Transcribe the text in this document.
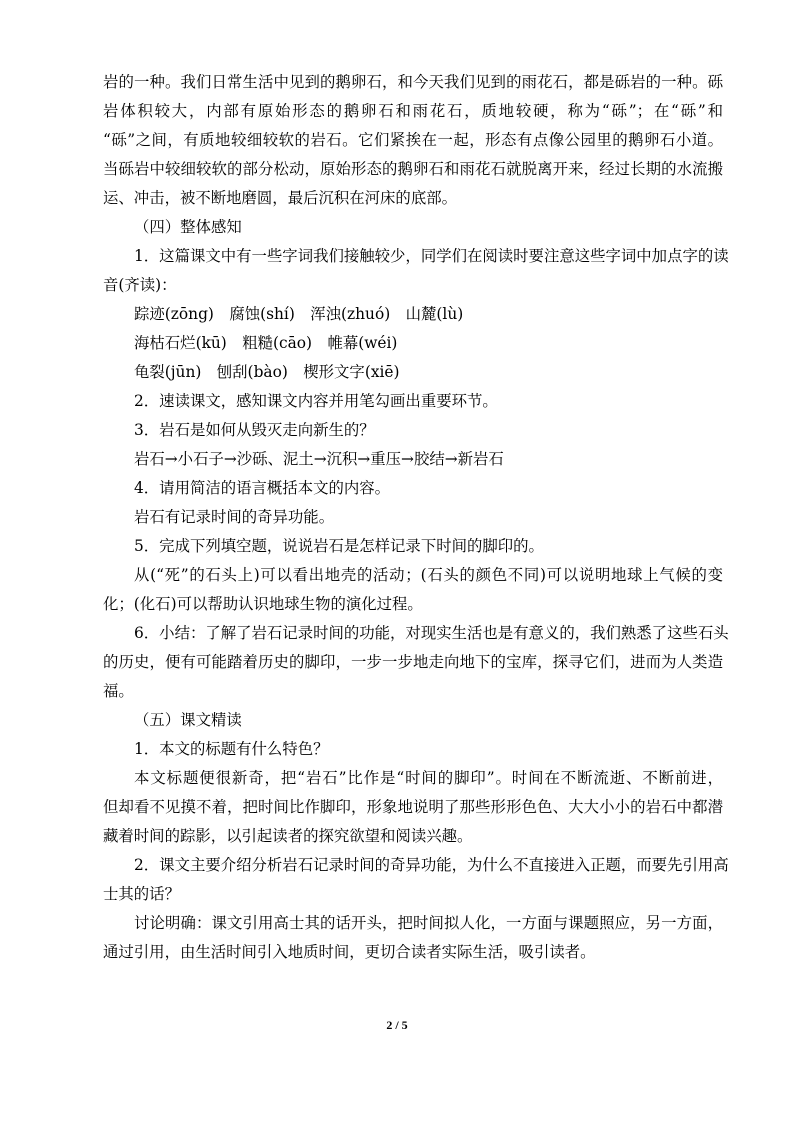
岩的一种。我们日常生活中见到的鹅卵石，和今天我们见到的雨花石，都是砾岩的一种。砾
岩体积较大，内部有原始形态的鹅卵石和雨花石，质地较硬，称为“砾”；在“砾”和
“砾”之间，有质地较细较软的岩石。它们紧挨在一起，形态有点像公园里的鹅卵石小道。
当砾岩中较细较软的部分松动，原始形态的鹅卵石和雨花石就脱离开来，经过长期的水流搬
运、冲击，被不断地磨圆，最后沉积在河床的底部。
（四）整体感知
1．这篇课文中有一些字词我们接触较少，同学们在阅读时要注意这些字词中加点字的读
音(齐读)：
踪迹(zōng)　腐蚀(shí)　浑浊(zhuó)　山麓(lù)
海枯石烂(kū)　粗糙(cāo)　帷幕(wéi)
龟裂(jūn)　刨刮(bào)　楔形文字(xiē)
2．速读课文，感知课文内容并用笔勾画出重要环节。
3．岩石是如何从毁灭走向新生的？
岩石→小石子→沙砾、泥土→沉积→重压→胶结→新岩石
4．请用简洁的语言概括本文的内容。
岩石有记录时间的奇异功能。
5．完成下列填空题，说说岩石是怎样记录下时间的脚印的。
从(“死”的石头上)可以看出地壳的活动；(石头的颜色不同)可以说明地球上气候的变
化；(化石)可以帮助认识地球生物的演化过程。
6．小结：了解了岩石记录时间的功能，对现实生活也是有意义的，我们熟悉了这些石头
的历史，便有可能踏着历史的脚印，一步一步地走向地下的宝库，探寻它们，进而为人类造
福。
（五）课文精读
1．本文的标题有什么特色？
本文标题便很新奇，把“岩石”比作是“时间的脚印”。时间在不断流逝、不断前进，
但却看不见摸不着，把时间比作脚印，形象地说明了那些形形色色、大大小小的岩石中都潜
藏着时间的踪影，以引起读者的探究欲望和阅读兴趣。
2．课文主要介绍分析岩石记录时间的奇异功能，为什么不直接进入正题，而要先引用高
士其的话？
讨论明确：课文引用高士其的话开头，把时间拟人化，一方面与课题照应，另一方面，
通过引用，由生活时间引入地质时间，更切合读者实际生活，吸引读者。
2 / 5
